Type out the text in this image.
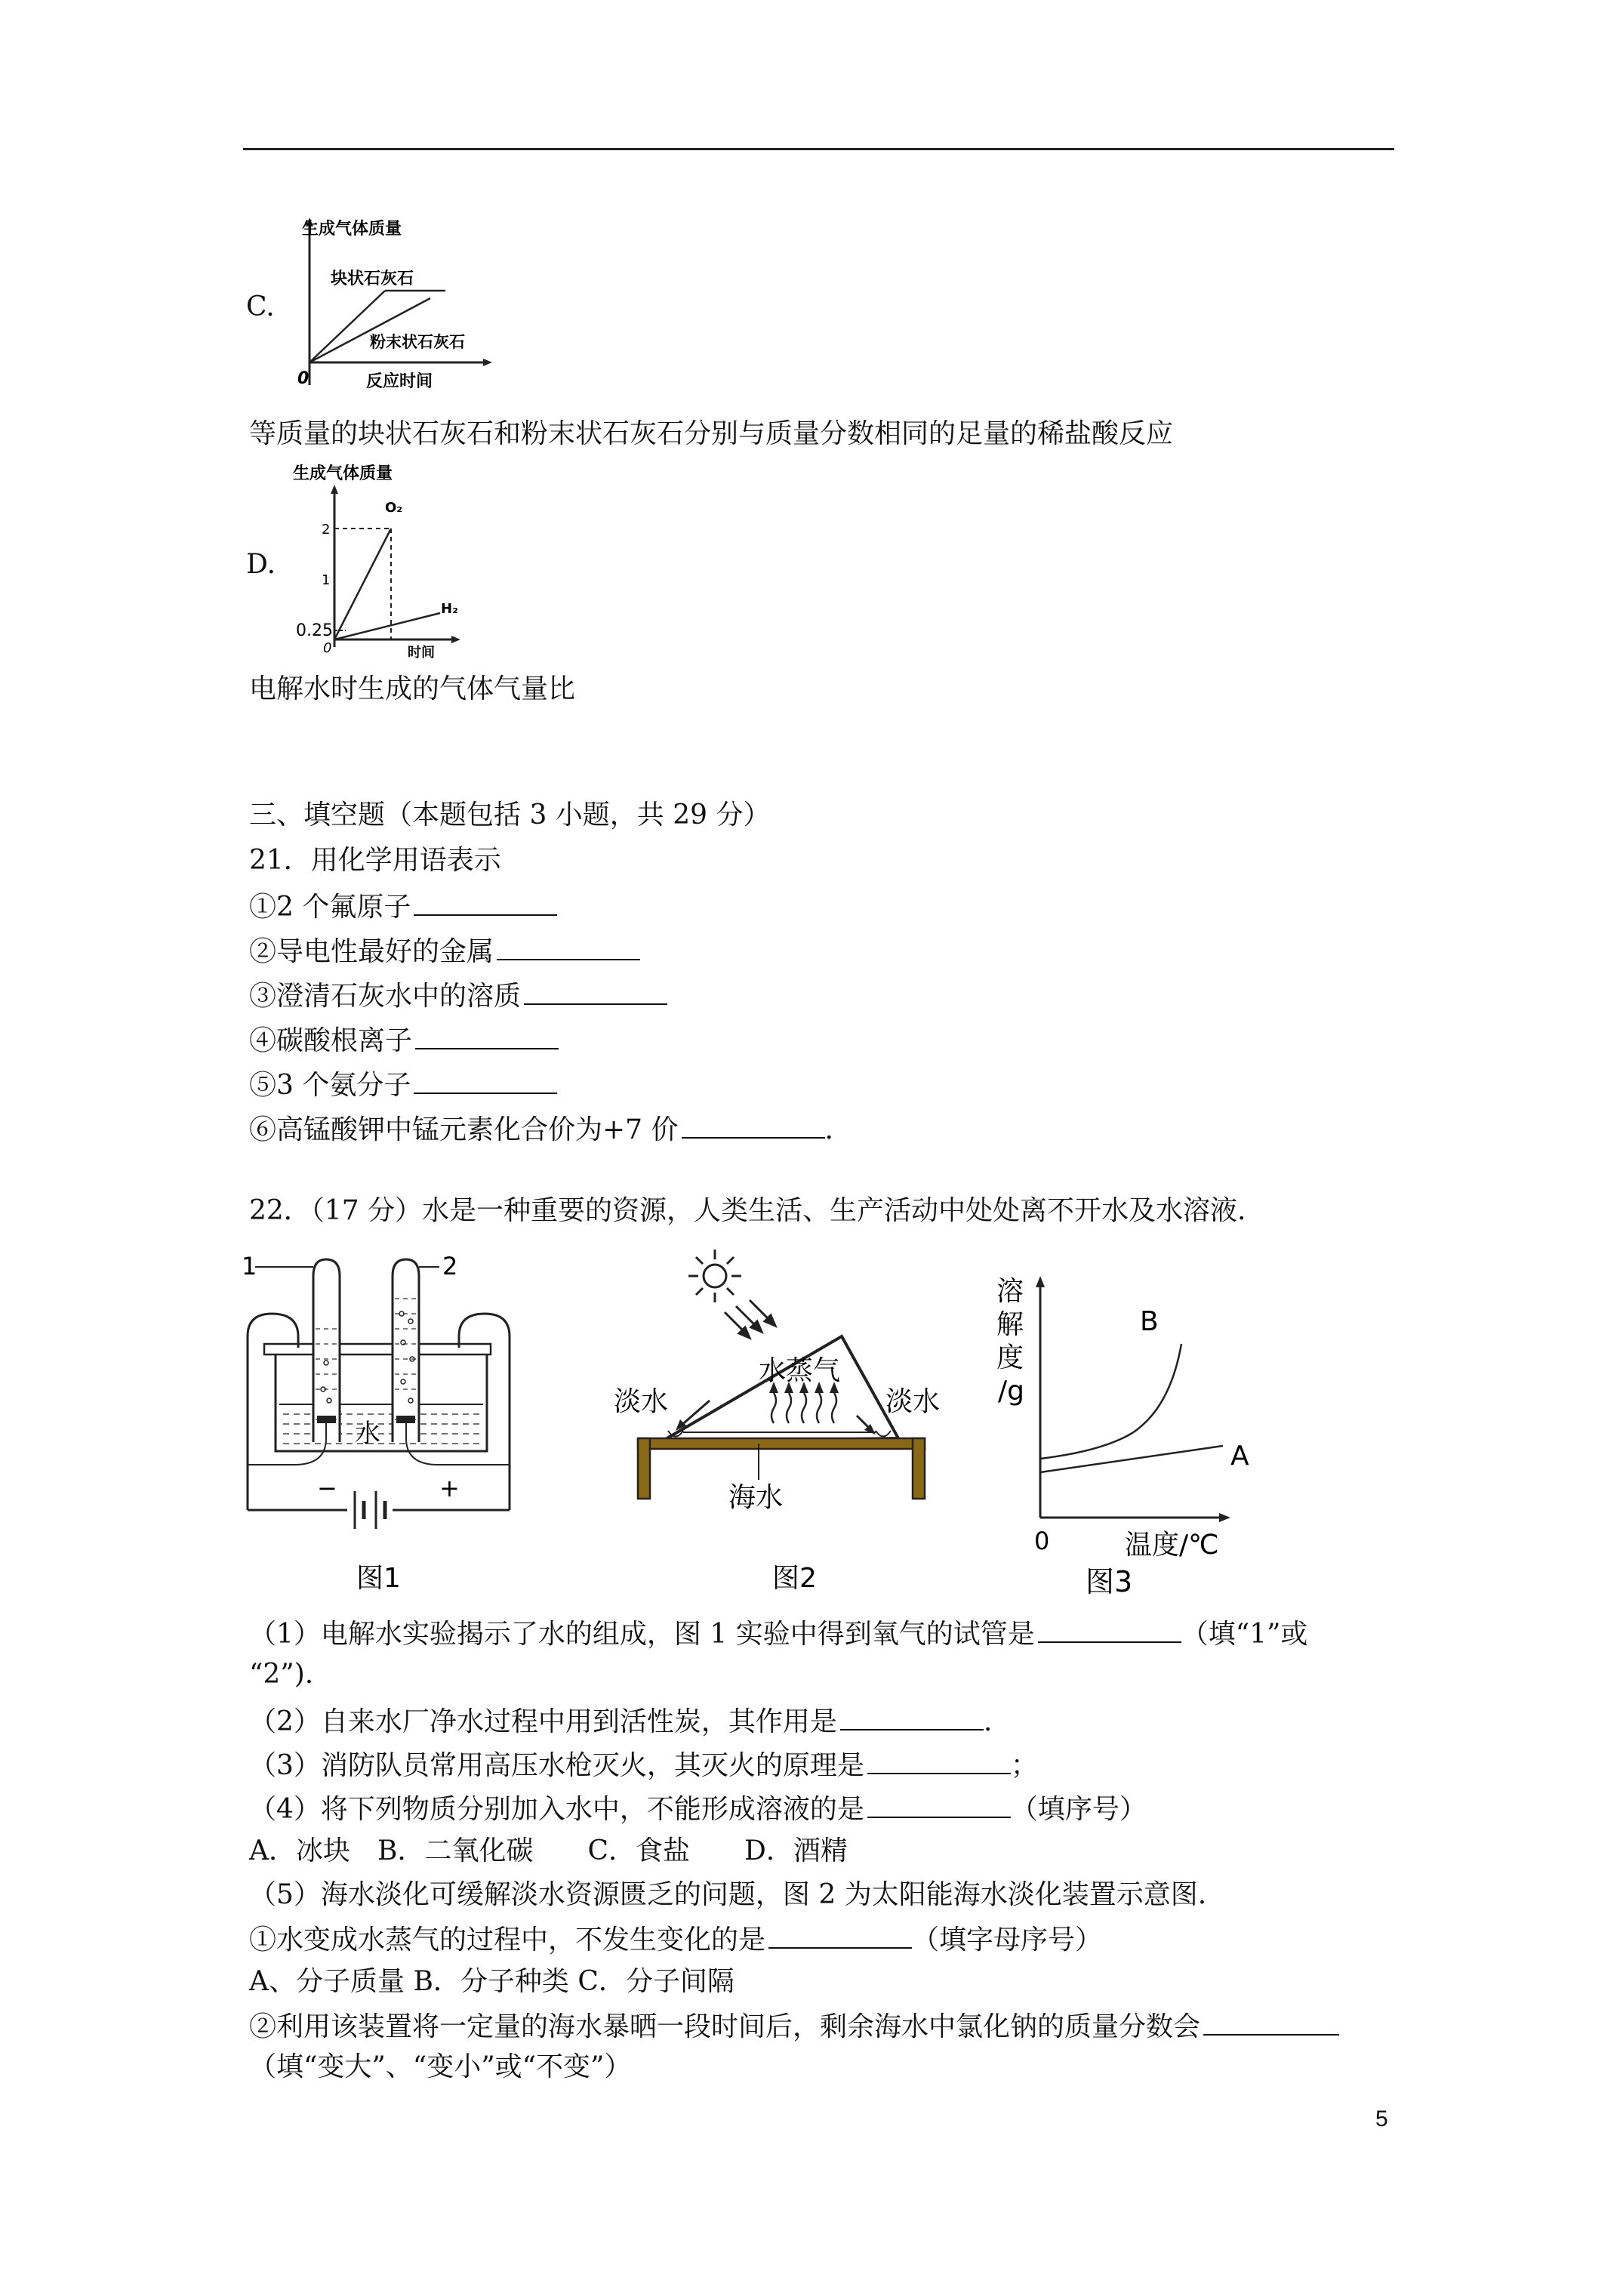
C.
生成气体质量
块状石灰石
粉末状石灰石
0	反应时间
等质量的块状石灰石和粉末状石灰石分别与质量分数相同的足量的稀盐酸反应
D.
生成气体质量
O₂
H₂
2
1
0.25
0	时间
电解水时生成的气体气量比
三、填空题（本题包括 3 小题，共 29 分）
21．用化学用语表示
①2 个氟原子
②导电性最好的金属
③澄清石灰水中的溶质
④碳酸根离子
⑤3 个氨分子
⑥高锰酸钾中锰元素化合价为+7 价	.
22．（17 分）水是一种重要的资源，人类生活、生产活动中处处离不开水及水溶液.
1	2
水
−	+
图1
水蒸气
淡水	淡水
海水
图2
溶
解
度
/g
B
A
0	温度/℃
图3
（1）电解水实验揭示了水的组成，图 1 实验中得到氧气的试管是	（填“1”或
“2”).
（2）自来水厂净水过程中用到活性炭，其作用是	.
（3）消防队员常用高压水枪灭火，其灭火的原理是	；
（4）将下列物质分别加入水中，不能形成溶液的是	（填序号）
A．冰块　B．二氧化碳　　C．食盐　　D．酒精
（5）海水淡化可缓解淡水资源匮乏的问题，图 2 为太阳能海水淡化装置示意图.
①水变成水蒸气的过程中，不发生变化的是	（填字母序号）
A、分子质量 B．分子种类 C．分子间隔
②利用该装置将一定量的海水暴晒一段时间后，剩余海水中氯化钠的质量分数会
（填“变大”、“变小”或“不变”）
5
